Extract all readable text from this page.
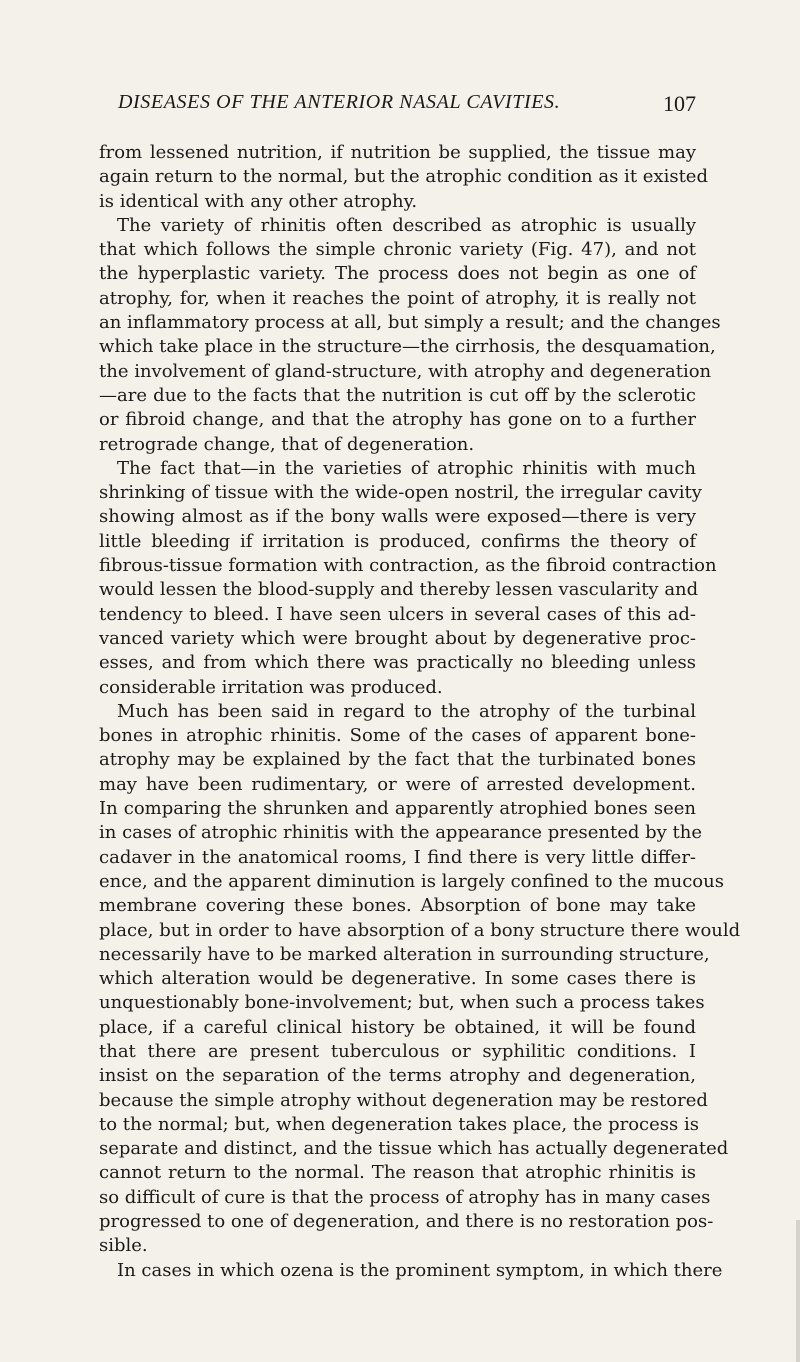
DISEASES OF THE ANTERIOR NASAL CAVITIES.	107
from lessened nutrition, if nutrition be supplied, the tissue may
again return to the normal, but the atrophic condition as it existed
is identical with any other atrophy.
The variety of rhinitis often described as atrophic is usually
that which follows the simple chronic variety (Fig. 47), and not
the hyperplastic variety. The process does not begin as one of
atrophy, for, when it reaches the point of atrophy, it is really not
an inflammatory process at all, but simply a result; and the changes
which take place in the structure—the cirrhosis, the desquamation,
the involvement of gland-structure, with atrophy and degeneration
—are due to the facts that the nutrition is cut off by the sclerotic
or fibroid change, and that the atrophy has gone on to a further
retrograde change, that of degeneration.
The fact that—in the varieties of atrophic rhinitis with much
shrinking of tissue with the wide-open nostril, the irregular cavity
showing almost as if the bony walls were exposed—there is very
little bleeding if irritation is produced, confirms the theory of
fibrous-tissue formation with contraction, as the fibroid contraction
would lessen the blood-supply and thereby lessen vascularity and
tendency to bleed. I have seen ulcers in several cases of this ad-
vanced variety which were brought about by degenerative proc-
esses, and from which there was practically no bleeding unless
considerable irritation was produced.
Much has been said in regard to the atrophy of the turbinal
bones in atrophic rhinitis. Some of the cases of apparent bone-
atrophy may be explained by the fact that the turbinated bones
may have been rudimentary, or were of arrested development.
In comparing the shrunken and apparently atrophied bones seen
in cases of atrophic rhinitis with the appearance presented by the
cadaver in the anatomical rooms, I find there is very little differ-
ence, and the apparent diminution is largely confined to the mucous
membrane covering these bones. Absorption of bone may take
place, but in order to have absorption of a bony structure there would
necessarily have to be marked alteration in surrounding structure,
which alteration would be degenerative. In some cases there is
unquestionably bone-involvement; but, when such a process takes
place, if a careful clinical history be obtained, it will be found
that there are present tuberculous or syphilitic conditions. I
insist on the separation of the terms atrophy and degeneration,
because the simple atrophy without degeneration may be restored
to the normal; but, when degeneration takes place, the process is
separate and distinct, and the tissue which has actually degenerated
cannot return to the normal. The reason that atrophic rhinitis is
so difficult of cure is that the process of atrophy has in many cases
progressed to one of degeneration, and there is no restoration pos-
sible.
In cases in which ozena is the prominent symptom, in which there
